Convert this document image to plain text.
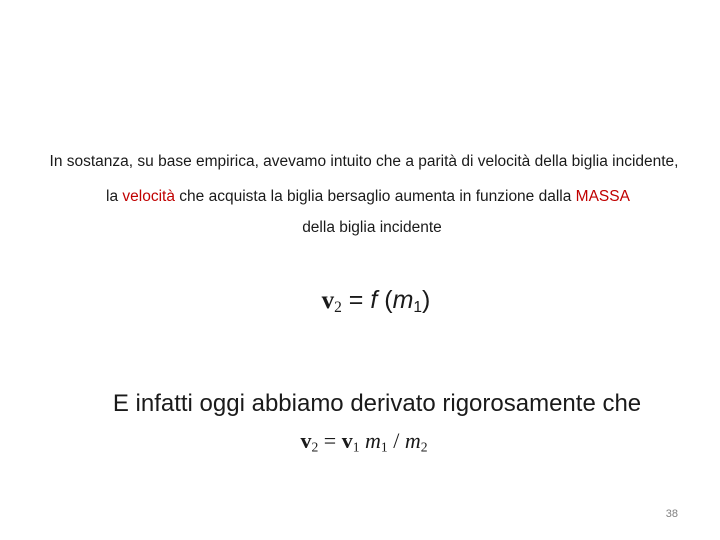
In sostanza, su base empirica, avevamo intuito che a parità di velocità della biglia incidente,
la velocità che acquista la biglia bersaglio aumenta in funzione dalla MASSA
della biglia incidente
$v_2 = f$ $(m_1)$
E infatti oggi abbiamo derivato rigorosamente che
$v_2 = v_1$ $m_1 / m_2$
38
